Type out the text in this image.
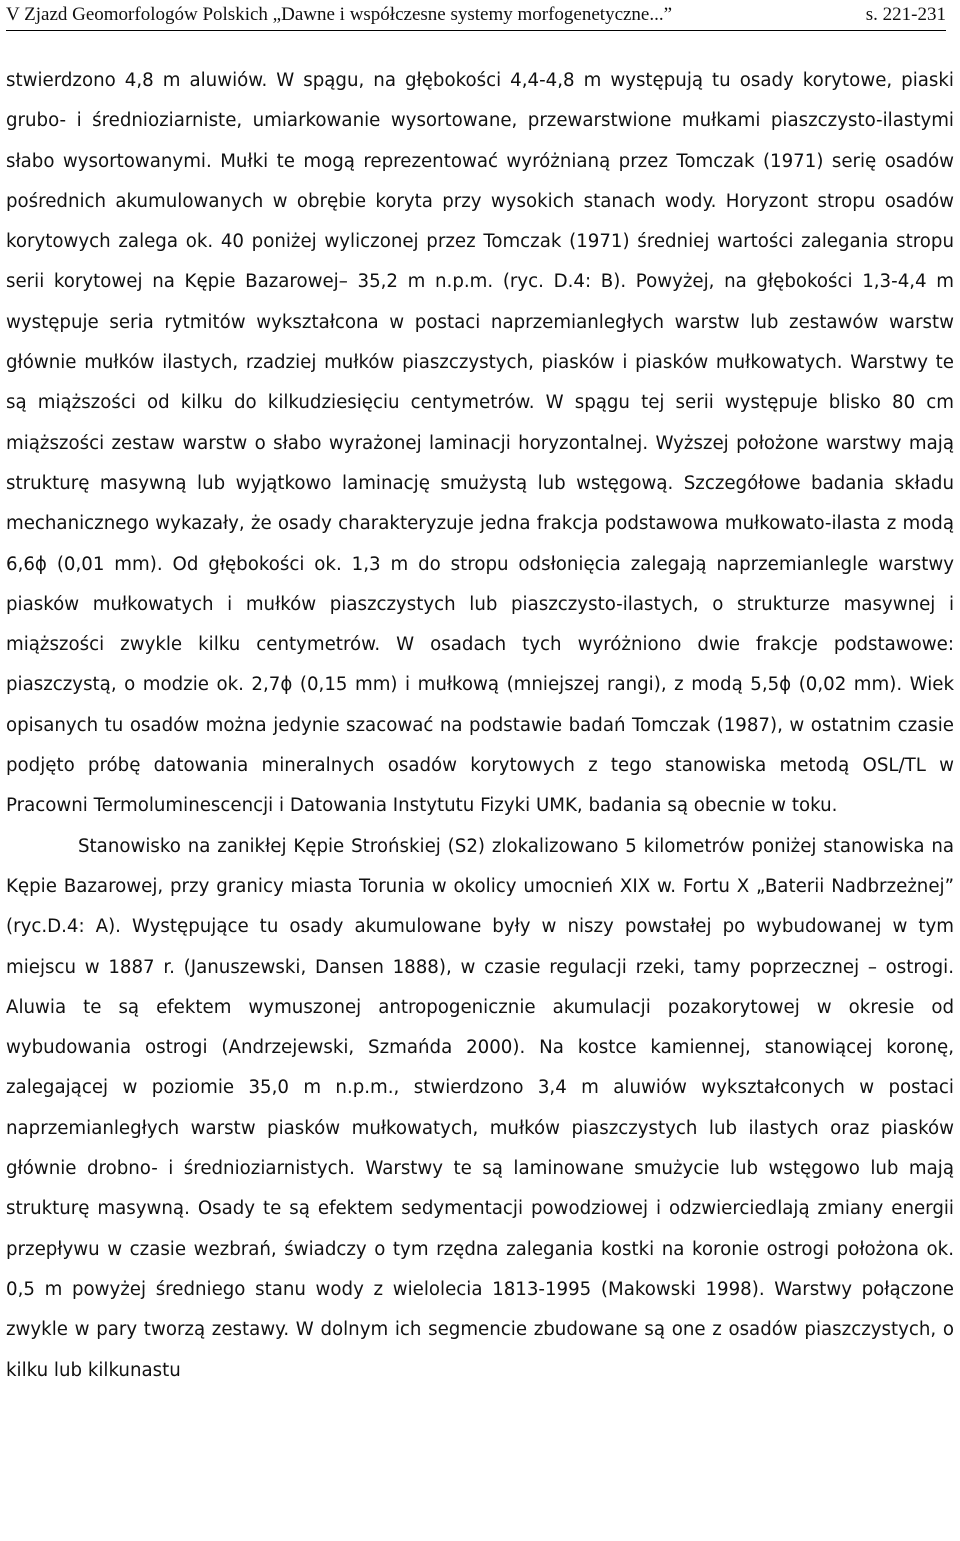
V Zjazd Geomorfologów Polskich „Dawne i współczesne systemy morfogenetyczne...”	s. 221-231

stwierdzono 4,8 m aluwiów. W spągu, na głębokości 4,4-4,8 m występują tu osady korytowe, piaski grubo- i średnioziarniste, umiarkowanie wysortowane, przewarstwione mułkami piaszczysto-ilastymi słabo wysortowanymi. Mułki te mogą reprezentować wyróżnianą przez Tomczak (1971) serię osadów pośrednich akumulowanych w obrębie koryta przy wysokich stanach wody. Horyzont stropu osadów korytowych zalega ok. 40 poniżej wyliczonej przez Tomczak (1971) średniej wartości zalegania stropu serii korytowej na Kępie Bazarowej– 35,2 m n.p.m. (ryc. D.4: B). Powyżej, na głębokości 1,3-4,4 m występuje seria rytmitów wykształcona w postaci naprzemianległych warstw lub zestawów warstw głównie mułków ilastych, rzadziej mułków piaszczystych, piasków i piasków mułkowatych. Warstwy te są miąższości od kilku do kilkudziesięciu centymetrów. W spągu tej serii występuje blisko 80 cm miąższości zestaw warstw o słabo wyrażonej laminacji horyzontalnej. Wyższej położone warstwy mają strukturę masywną lub wyjątkowo laminację smużystą lub wstęgową. Szczegółowe badania składu mechanicznego wykazały, że osady charakteryzuje jedna frakcja podstawowa mułkowato-ilasta z modą 6,6ϕ (0,01 mm). Od głębokości ok. 1,3 m do stropu odsłonięcia zalegają naprzemianlegle warstwy piasków mułkowatych i mułków piaszczystych lub piaszczysto-ilastych, o strukturze masywnej i miąższości zwykle kilku centymetrów. W osadach tych wyróżniono dwie frakcje podstawowe: piaszczystą, o modzie ok. 2,7ϕ (0,15 mm) i mułkową (mniejszej rangi), z modą 5,5ϕ (0,02 mm). Wiek opisanych tu osadów można jedynie szacować na podstawie badań Tomczak (1987), w ostatnim czasie podjęto próbę datowania mineralnych osadów korytowych z tego stanowiska metodą OSL/TL w Pracowni Termoluminescencji i Datowania Instytutu Fizyki UMK, badania są obecnie w toku.

Stanowisko na zanikłej Kępie Strońskiej (S2) zlokalizowano 5 kilometrów poniżej stanowiska na Kępie Bazarowej, przy granicy miasta Torunia w okolicy umocnień XIX w. Fortu X „Baterii Nadbrzeżnej” (ryc.D.4: A). Występujące tu osady akumulowane były w niszy powstałej po wybudowanej w tym miejscu w 1887 r. (Januszewski, Dansen 1888), w czasie regulacji rzeki, tamy poprzecznej – ostrogi. Aluwia te są efektem wymuszonej antropogenicznie akumulacji pozakorytowej w okresie od wybudowania ostrogi (Andrzejewski, Szmańda 2000). Na kostce kamiennej, stanowiącej koronę, zalegającej w poziomie 35,0 m n.p.m., stwierdzono 3,4 m aluwiów wykształconych w postaci naprzemianległych warstw piasków mułkowatych, mułków piaszczystych lub ilastych oraz piasków głównie drobno- i średnioziarnistych. Warstwy te są laminowane smużycie lub wstęgowo lub mają strukturę masywną. Osady te są efektem sedymentacji powodziowej i odzwierciedlają zmiany energii przepływu w czasie wezbrań, świadczy o tym rzędna zalegania kostki na koronie ostrogi położona ok. 0,5 m powyżej średniego stanu wody z wielolecia 1813-1995 (Makowski 1998). Warstwy połączone zwykle w pary tworzą zestawy. W dolnym ich segmencie zbudowane są one z osadów piaszczystych, o kilku lub kilkunastu
